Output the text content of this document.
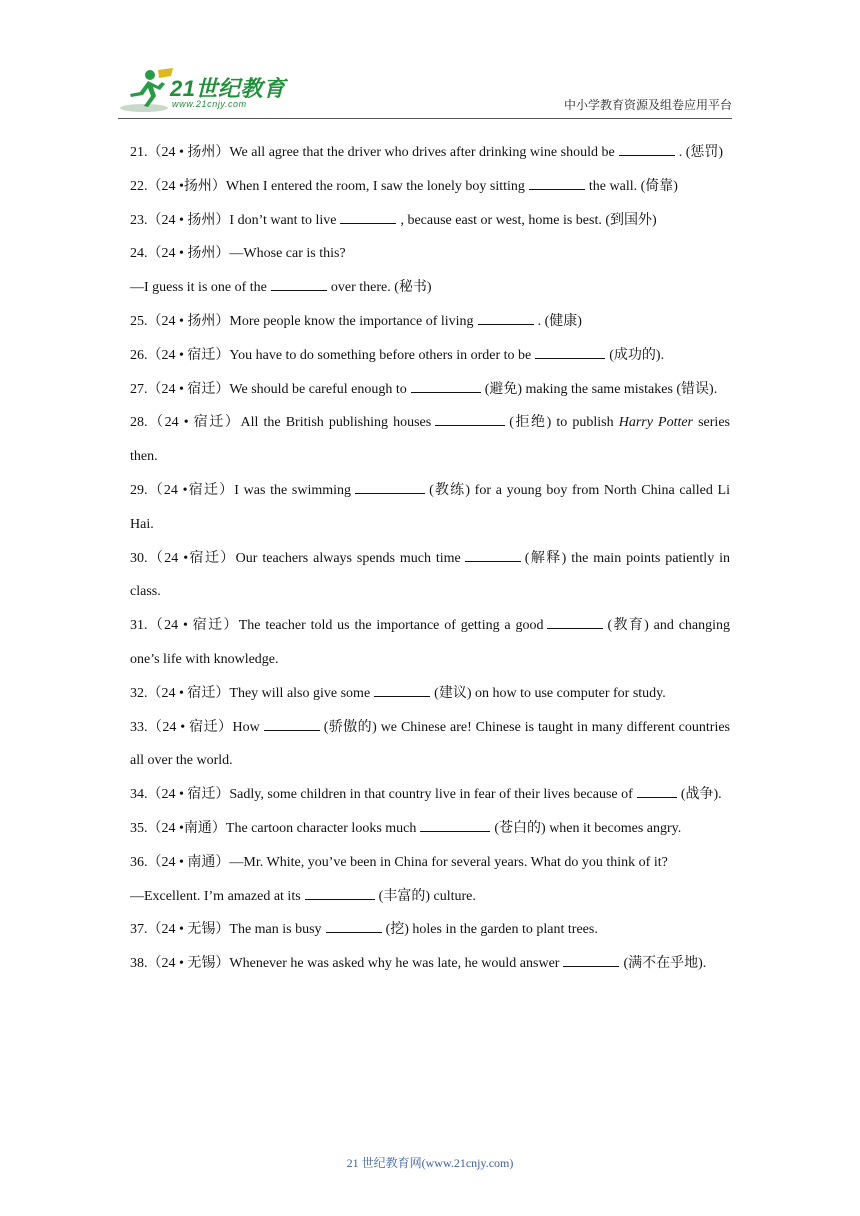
21世纪教育
www.21cnjy.com	中小学教育资源及组卷应用平台

21.（24 • 扬州）We all agree that the driver who drives after drinking wine should be	. (惩罚)

22.（24 •扬州）When I entered the room, I saw the lonely boy sitting	the wall. (倚靠)

23.（24 • 扬州）I don’t want to live	, because east or west, home is best. (到国外)

24.（24 • 扬州）—Whose car is this?

—I guess it is one of the	over there. (秘书)

25.（24 • 扬州）More people know the importance of living	. (健康)

26.（24 • 宿迁）You have to do something before others in order to be	(成功的).

27.（24 • 宿迁）We should be careful enough to	(避免) making the same mistakes (错误).

28.（24 • 宿迁）All the British publishing houses	(拒绝) to publish Harry Potter series then.

29.（24 •宿迁）I was the swimming	(教练) for a young boy from North China called Li Hai.

30.（24 •宿迁）Our teachers always spends much time	(解释) the main points patiently in class.

31.（24 • 宿迁）The teacher told us the importance of getting a good	(教育) and changing one’s life with knowledge.

32.（24 • 宿迁）They will also give some	(建议) on how to use computer for study.

33.（24 • 宿迁）How	(骄傲的) we Chinese are! Chinese is taught in many different countries all over the world.

34.（24 • 宿迁）Sadly, some children in that country live in fear of their lives because of	(战争).

35.（24 •南通）The cartoon character looks much	(苍白的) when it becomes angry.

36.（24 • 南通）—Mr. White, you’ve been in China for several years. What do you think of it?

—Excellent. I’m amazed at its	(丰富的) culture.

37.（24 • 无锡）The man is busy	(挖) holes in the garden to plant trees.

38.（24 • 无锡）Whenever he was asked why he was late, he would answer	(满不在乎地).

21 世纪教育网(www.21cnjy.com)
